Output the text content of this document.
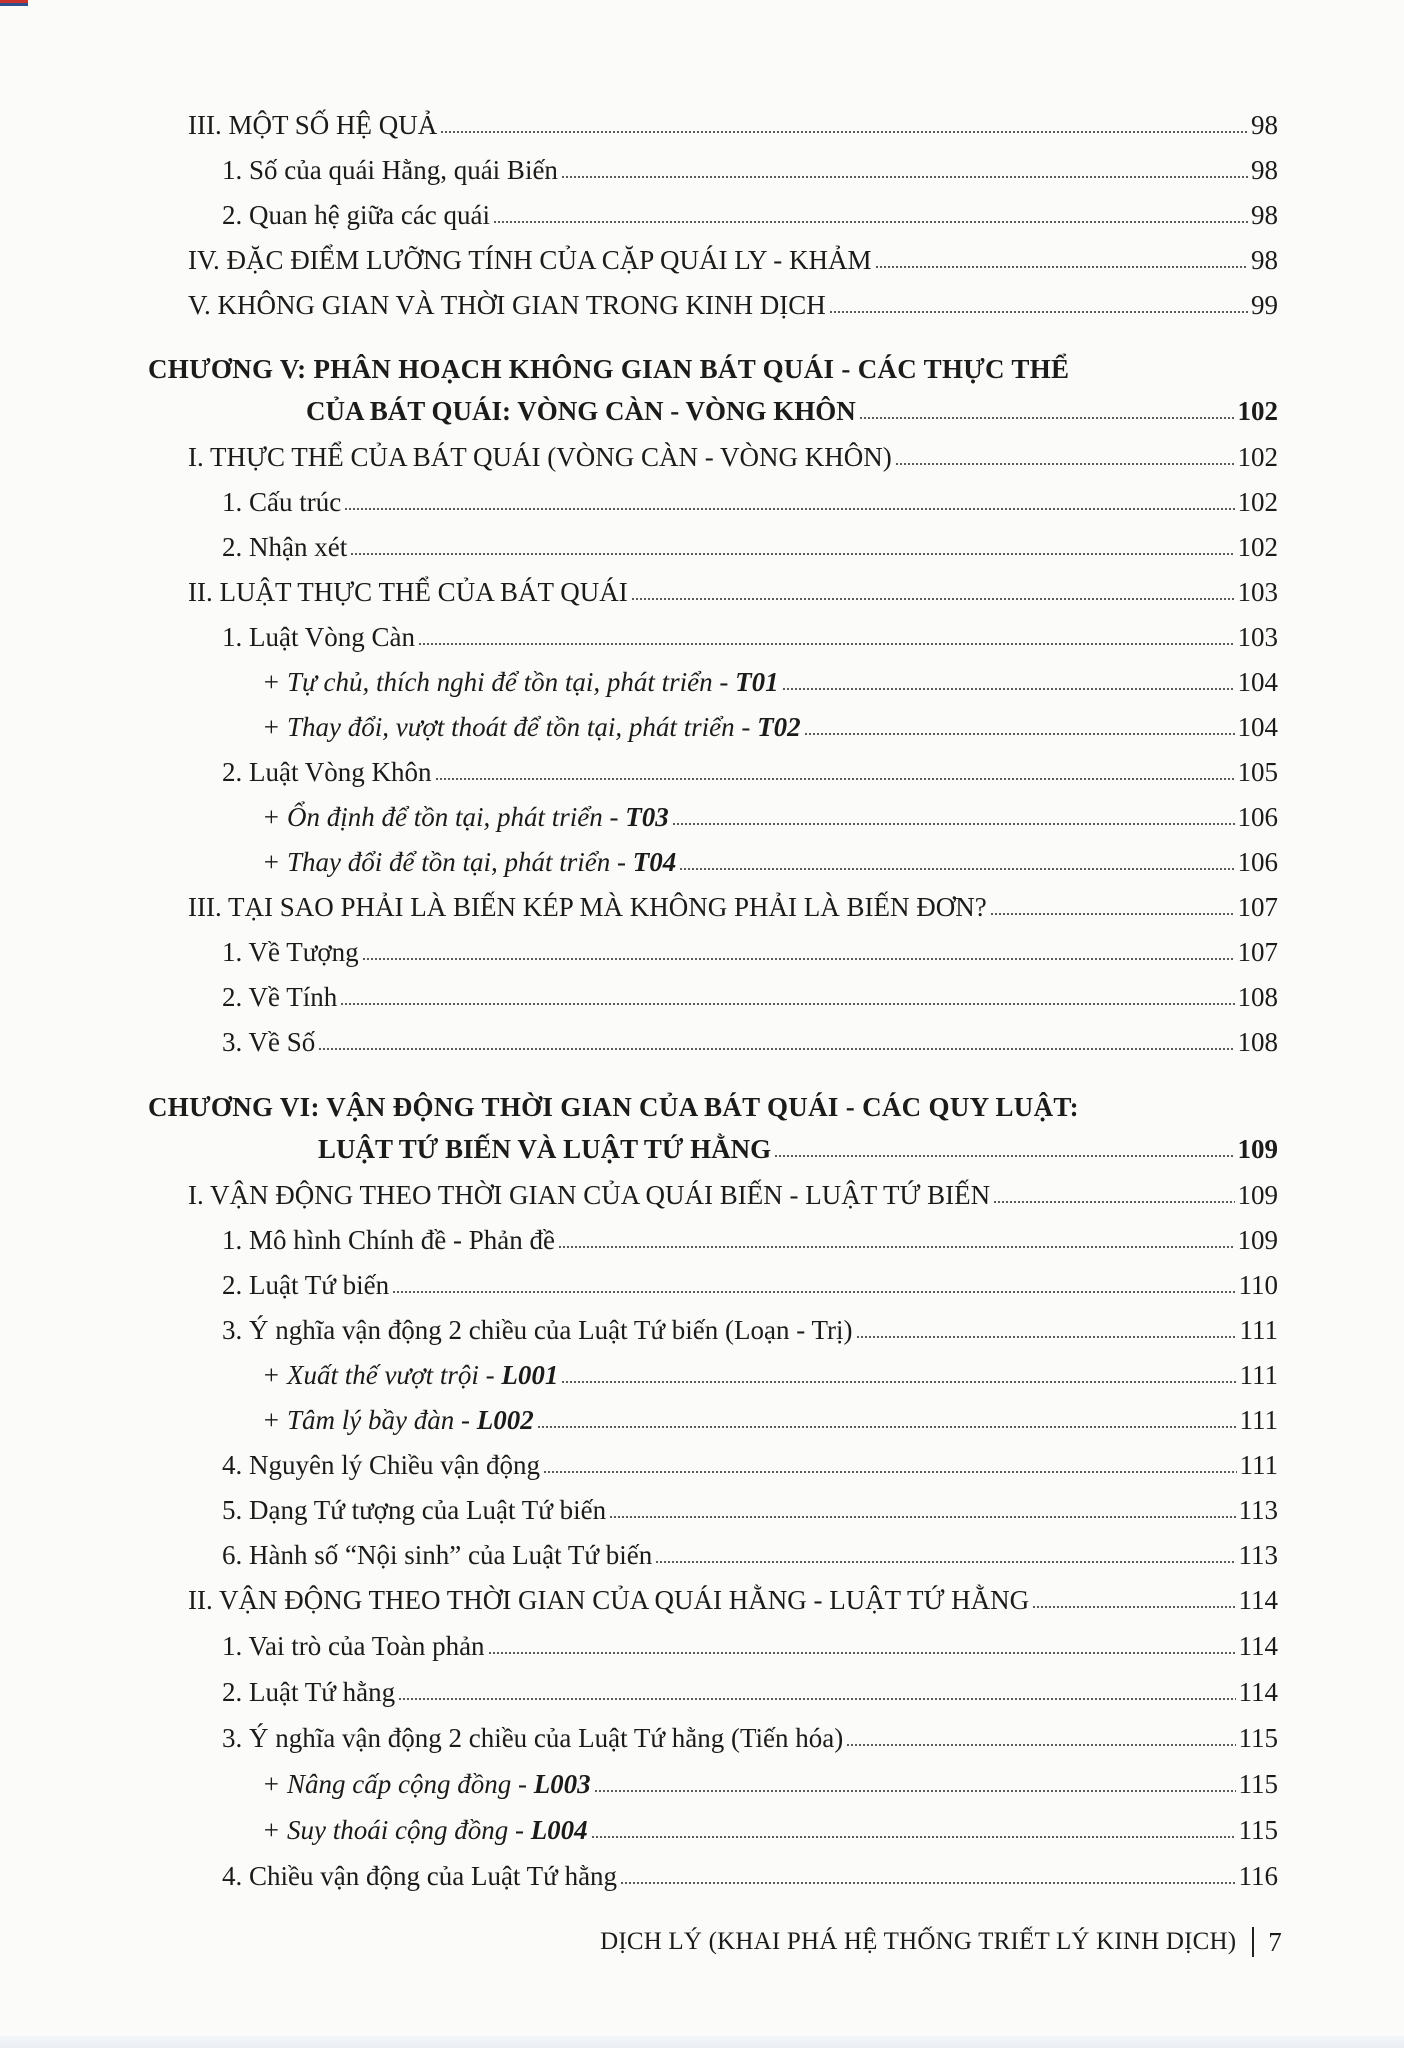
III. MỘT SỐ HỆ QUẢ	98
1. Số của quái Hằng, quái Biến	98
2. Quan hệ giữa các quái	98
IV. ĐẶC ĐIỂM LƯỠNG TÍNH CỦA CẶP QUÁI LY - KHẢM	98
V. KHÔNG GIAN VÀ THỜI GIAN TRONG KINH DỊCH	99
CHƯƠNG V: PHÂN HOẠCH KHÔNG GIAN BÁT QUÁI - CÁC THỰC THỂ
CỦA BÁT QUÁI: VÒNG CÀN - VÒNG KHÔN	102
I. THỰC THỂ CỦA BÁT QUÁI (VÒNG CÀN - VÒNG KHÔN)	102
1. Cấu trúc	102
2. Nhận xét	102
II. LUẬT THỰC THỂ CỦA BÁT QUÁI	103
1. Luật Vòng Càn	103
+ Tự chủ, thích nghi để tồn tại, phát triển - T01	104
+ Thay đổi, vượt thoát để tồn tại, phát triển - T02	104
2. Luật Vòng Khôn	105
+ Ổn định để tồn tại, phát triển - T03	106
+ Thay đổi để tồn tại, phát triển - T04	106
III. TẠI SAO PHẢI LÀ BIẾN KÉP MÀ KHÔNG PHẢI LÀ BIẾN ĐƠN?	107
1. Về Tượng	107
2. Về Tính	108
3. Về Số	108
CHƯƠNG VI: VẬN ĐỘNG THỜI GIAN CỦA BÁT QUÁI - CÁC QUY LUẬT:
LUẬT TỨ BIẾN VÀ LUẬT TỨ HẰNG	109
I. VẬN ĐỘNG THEO THỜI GIAN CỦA QUÁI BIẾN - LUẬT TỨ BIẾN	109
1. Mô hình Chính đề - Phản đề	109
2. Luật Tứ biến	110
3. Ý nghĩa vận động 2 chiều của Luật Tứ biến (Loạn - Trị)	111
+ Xuất thế vượt trội - L001	111
+ Tâm lý bầy đàn - L002	111
4. Nguyên lý Chiều vận động	111
5. Dạng Tứ tượng của Luật Tứ biến	113
6. Hành số “Nội sinh” của Luật Tứ biến	113
II. VẬN ĐỘNG THEO THỜI GIAN CỦA QUÁI HẰNG - LUẬT TỨ HẰNG	114
1. Vai trò của Toàn phản	114
2. Luật Tứ hằng	114
3. Ý nghĩa vận động 2 chiều của Luật Tứ hằng (Tiến hóa)	115
+ Nâng cấp cộng đồng - L003	115
+ Suy thoái cộng đồng - L004	115
4. Chiều vận động của Luật Tứ hằng	116
DỊCH LÝ (KHAI PHÁ HỆ THỐNG TRIẾT LÝ KINH DỊCH) 7
